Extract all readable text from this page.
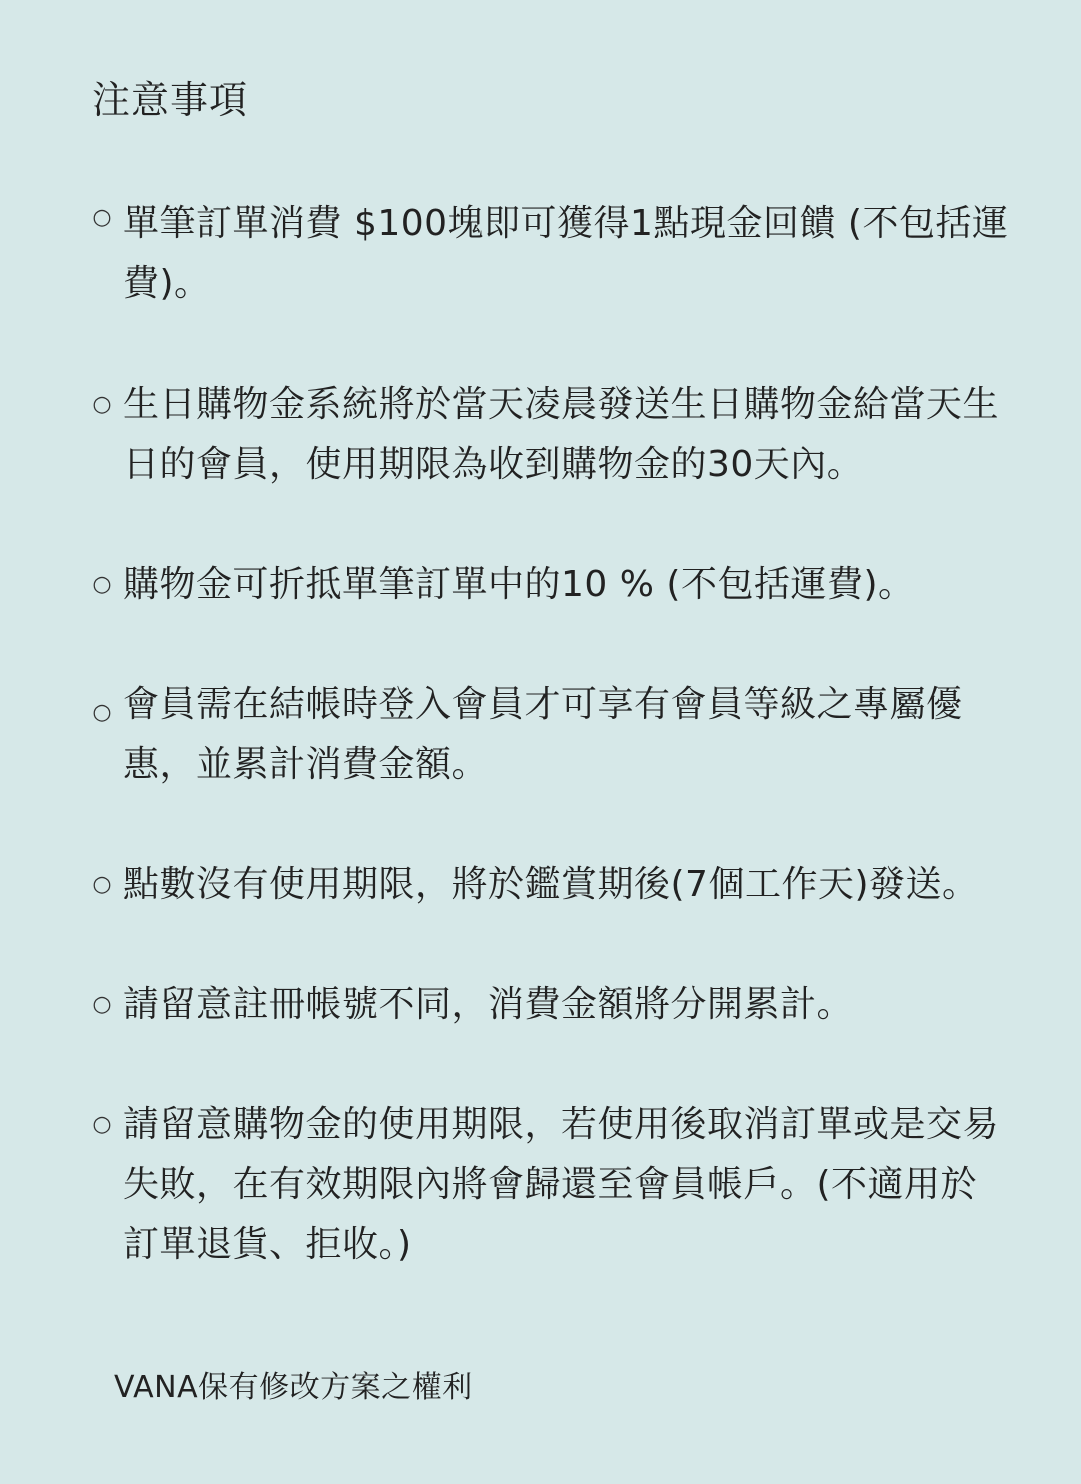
注意事項
○ 單筆訂單消費 $100塊即可獲得1點現金回饋 (不包括運費)。
○ 生日購物金系統將於當天凌晨發送生日購物金給當天生日的會員，使用期限為收到購物金的30天內。
○ 購物金可折抵單筆訂單中的10 % (不包括運費)。
○ 會員需在結帳時登入會員才可享有會員等級之專屬優惠，並累計消費金額。
○ 點數沒有使用期限，將於鑑賞期後(7個工作天)發送。
○ 請留意註冊帳號不同，消費金額將分開累計。
○ 請留意購物金的使用期限，若使用後取消訂單或是交易失敗，在有效期限內將會歸還至會員帳戶。(不適用於訂單退貨、拒收。)
VANA保有修改方案之權利
